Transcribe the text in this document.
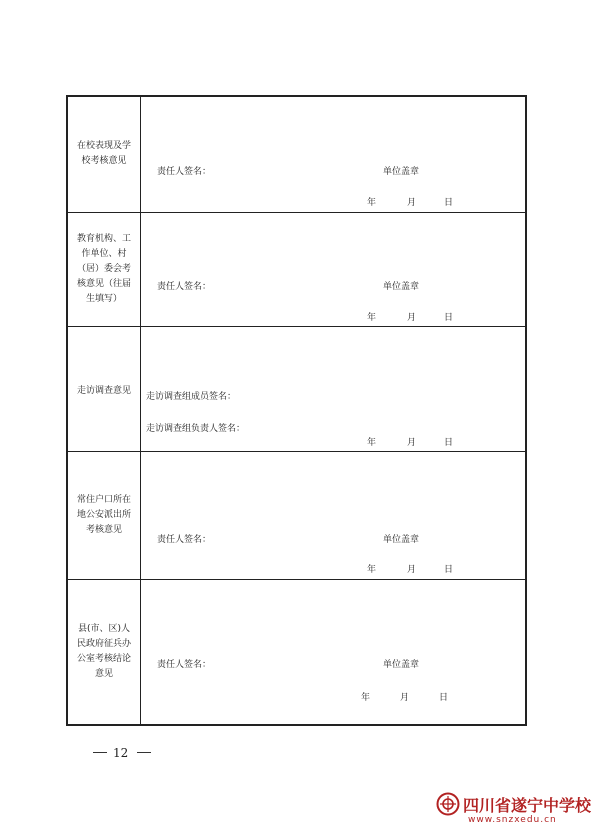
在校表现及学校考核意见	责任人签名： 单位盖章
年 月 日

教育机构、工作单位、村（居）委会考核意见（往届生填写）	责任人签名： 单位盖章
年 月 日

走访调查意见	走访调查组成员签名：
走访调查组负责人签名：
年 月 日

常住户口所在地公安派出所考核意见	责任人签名： 单位盖章
年 月 日

县(市、区)人民政府征兵办公室考核结论意见	责任人签名： 单位盖章
年 月 日
12
四川省遂宁中学校
www.snzxedu.cn
